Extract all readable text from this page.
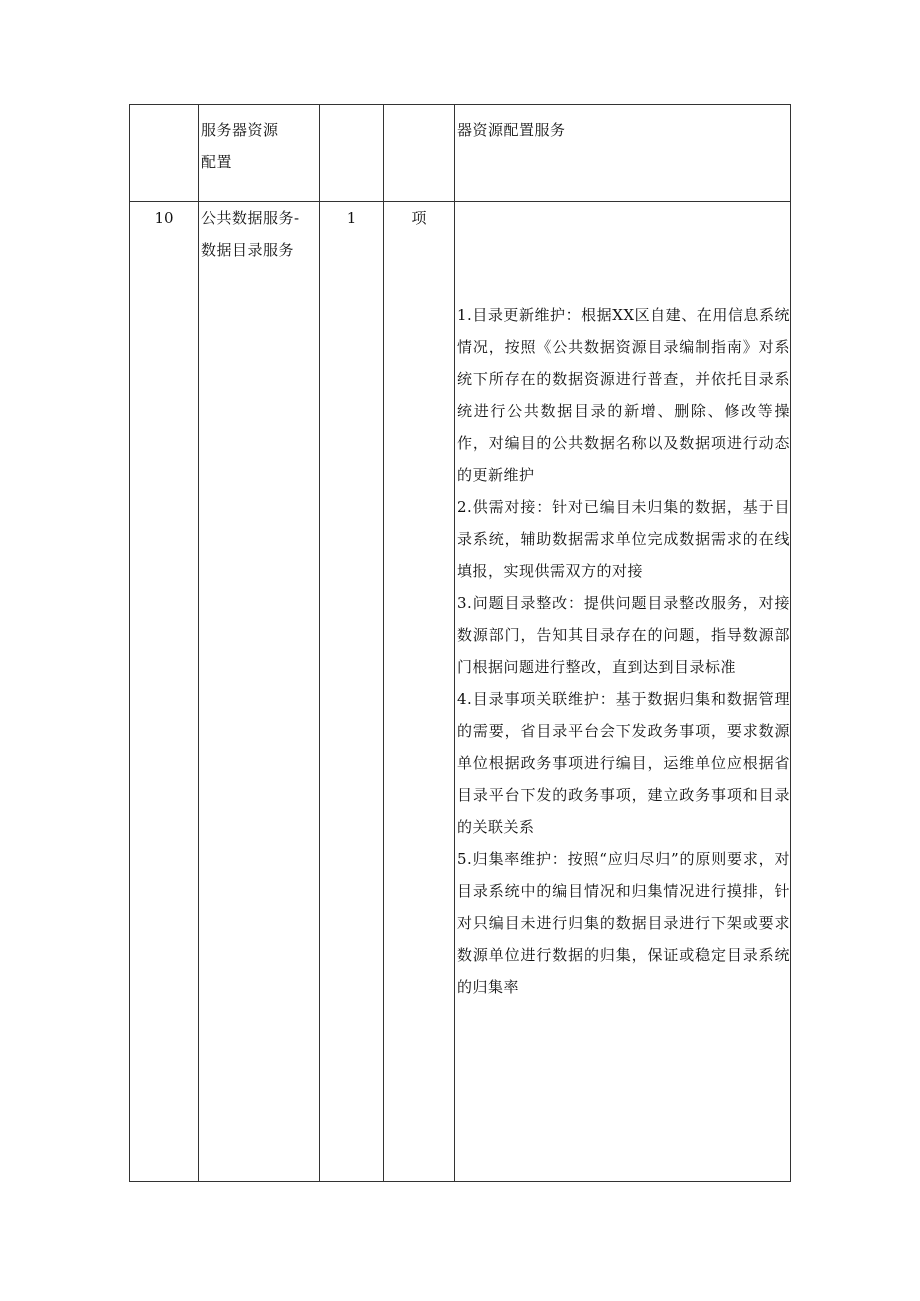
	服务器资源
配置			器资源配置服务

10	公共数据服务-
数据目录服务	1	项	1.目录更新维护：根据XX区自建、在用信息系统情况，按照《公共数据资源目录编制指南》对系统下所存在的数据资源进行普查，并依托目录系统进行公共数据目录的新增、删除、修改等操作，对编目的公共数据名称以及数据项进行动态的更新维护
2.供需对接：针对已编目未归集的数据，基于目录系统，辅助数据需求单位完成数据需求的在线填报，实现供需双方的对接
3.问题目录整改：提供问题目录整改服务，对接数源部门，告知其目录存在的问题，指导数源部门根据问题进行整改，直到达到目录标准
4.目录事项关联维护：基于数据归集和数据管理的需要，省目录平台会下发政务事项，要求数源单位根据政务事项进行编目，运维单位应根据省目录平台下发的政务事项，建立政务事项和目录的关联关系
5.归集率维护：按照“应归尽归”的原则要求，对目录系统中的编目情况和归集情况进行摸排，针对只编目未进行归集的数据目录进行下架或要求数源单位进行数据的归集，保证或稳定目录系统的归集率
